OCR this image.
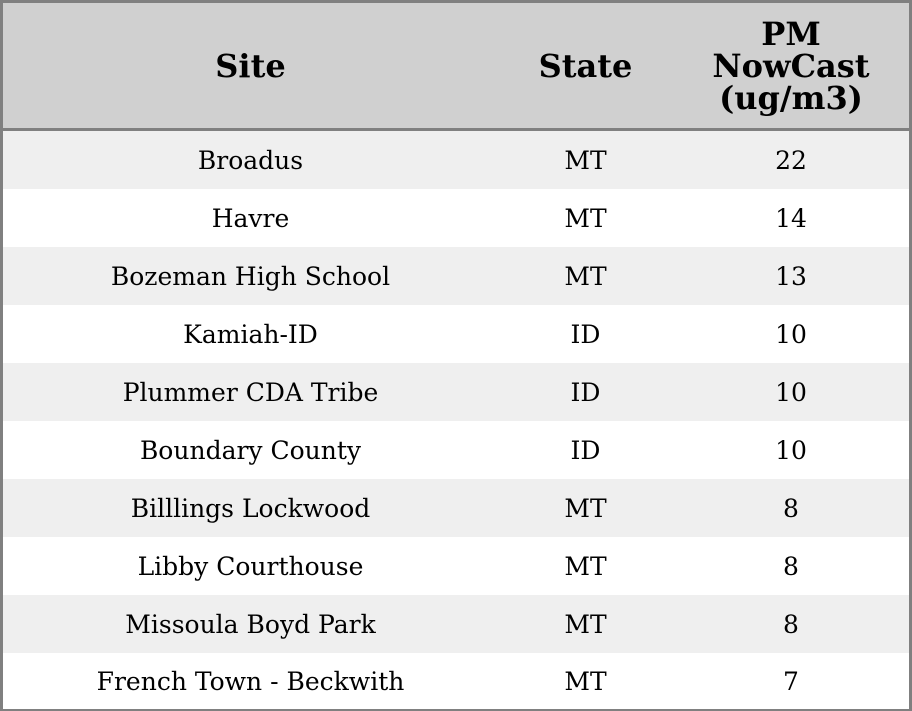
Site	State	PM
NowCast
(ug/m3)
Broadus	MT	22
Havre	MT	14
Bozeman High School	MT	13
Kamiah-ID	ID	10
Plummer CDA Tribe	ID	10
Boundary County	ID	10
Billlings Lockwood	MT	8
Libby Courthouse	MT	8
Missoula Boyd Park	MT	8
French Town - Beckwith	MT	7
